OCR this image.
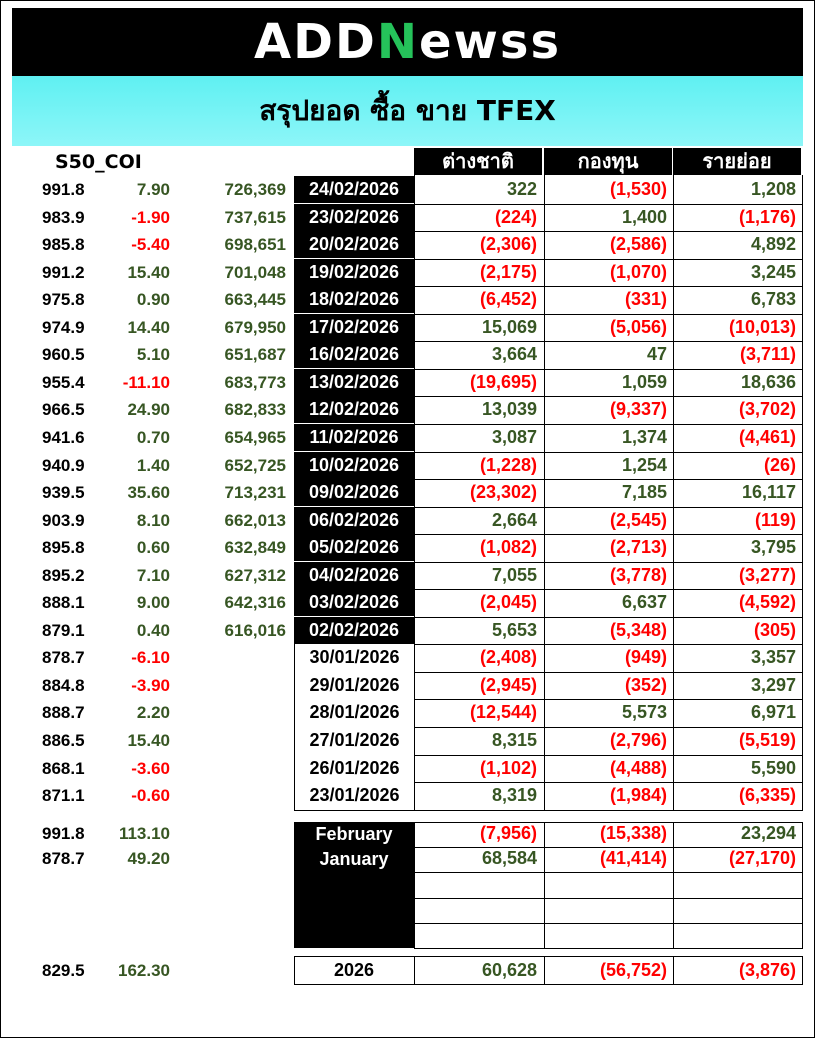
ADDNewss
สรุปยอด ซื้อ ขาย TFEX
S50_COI	ต่างชาติ	กองทุน	รายย่อย
991.8	7.90	726,369	24/02/2026	322	(1,530)	1,208
983.9	-1.90	737,615	23/02/2026	(224)	1,400	(1,176)
985.8	-5.40	698,651	20/02/2026	(2,306)	(2,586)	4,892
991.2	15.40	701,048	19/02/2026	(2,175)	(1,070)	3,245
975.8	0.90	663,445	18/02/2026	(6,452)	(331)	6,783
974.9	14.40	679,950	17/02/2026	15,069	(5,056)	(10,013)
960.5	5.10	651,687	16/02/2026	3,664	47	(3,711)
955.4	-11.10	683,773	13/02/2026	(19,695)	1,059	18,636
966.5	24.90	682,833	12/02/2026	13,039	(9,337)	(3,702)
941.6	0.70	654,965	11/02/2026	3,087	1,374	(4,461)
940.9	1.40	652,725	10/02/2026	(1,228)	1,254	(26)
939.5	35.60	713,231	09/02/2026	(23,302)	7,185	16,117
903.9	8.10	662,013	06/02/2026	2,664	(2,545)	(119)
895.8	0.60	632,849	05/02/2026	(1,082)	(2,713)	3,795
895.2	7.10	627,312	04/02/2026	7,055	(3,778)	(3,277)
888.1	9.00	642,316	03/02/2026	(2,045)	6,637	(4,592)
879.1	0.40	616,016	02/02/2026	5,653	(5,348)	(305)
878.7	-6.10	30/01/2026	(2,408)	(949)	3,357
884.8	-3.90	29/01/2026	(2,945)	(352)	3,297
888.7	2.20	28/01/2026	(12,544)	5,573	6,971
886.5	15.40	27/01/2026	8,315	(2,796)	(5,519)
868.1	-3.60	26/01/2026	(1,102)	(4,488)	5,590
871.1	-0.60	23/01/2026	8,319	(1,984)	(6,335)
991.8	113.10	February	(7,956)	(15,338)	23,294
878.7	49.20	January	68,584	(41,414)	(27,170)
829.5	162.30	2026	60,628	(56,752)	(3,876)
